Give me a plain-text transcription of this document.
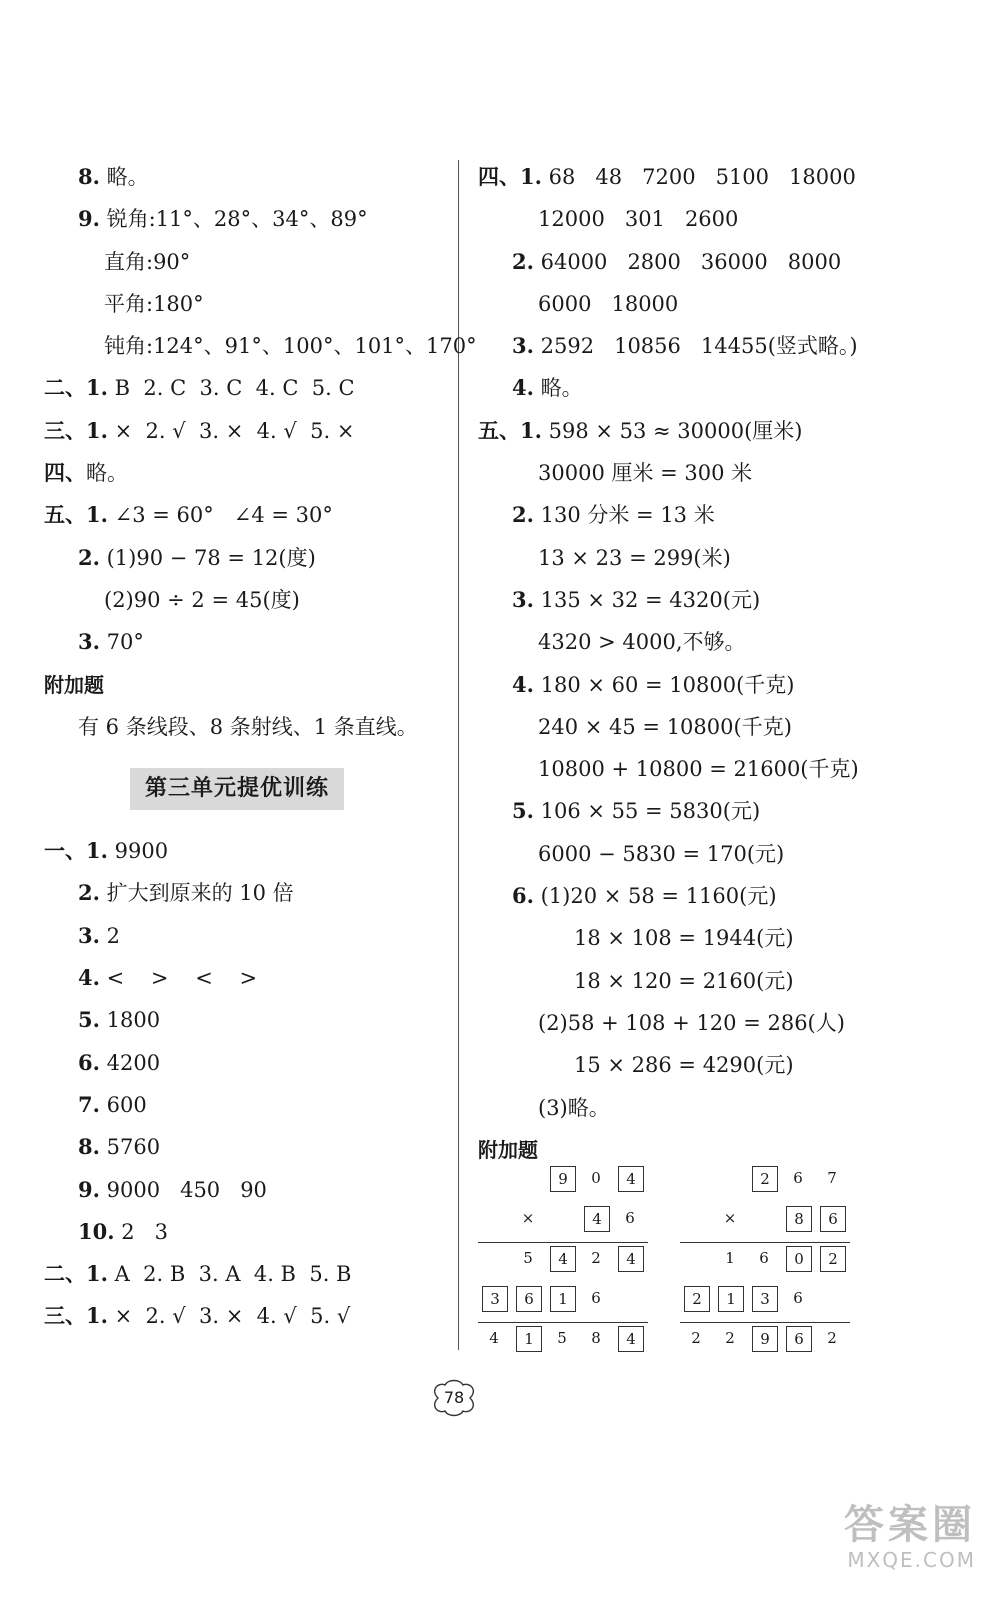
8. 略。
9. 锐角:11°、28°、34°、89°
直角:90°
平角:180°
钝角:124°、91°、100°、101°、170°
二、1. B  2. C  3. C  4. C  5. C
三、1. ×  2. √  3. ×  4. √  5. ×
四、略。
五、1. ∠3 = 60°   ∠4 = 30°
2. (1)90 − 78 = 12(度)
(2)90 ÷ 2 = 45(度)
3. 70°
附加题
有 6 条线段、8 条射线、1 条直线。
第三单元提优训练
一、1. 9900
2. 扩大到原来的 10 倍
3. 2
4. <    >    <    >
5. 1800
6. 4200
7. 600
8. 5760
9. 9000   450   90
10. 2   3
二、1. A  2. B  3. A  4. B  5. B
三、1. ×  2. √  3. ×  4. √  5. √
四、1. 68   48   7200   5100   18000
12000   301   2600
2. 64000   2800   36000   8000
6000   18000
3. 2592   10856   14455(竖式略。)
4. 略。
五、1. 598 × 53 ≈ 30000(厘米)
30000 厘米 = 300 米
2. 130 分米 = 13 米
13 × 23 = 299(米)
3. 135 × 32 = 4320(元)
4320 > 4000,不够。
4. 180 × 60 = 10800(千克)
240 × 45 = 10800(千克)
10800 + 10800 = 21600(千克)
5. 106 × 55 = 5830(元)
6000 − 5830 = 170(元)
6. (1)20 × 58 = 1160(元)
18 × 108 = 1944(元)
18 × 120 = 2160(元)
(2)58 + 108 + 120 = 286(人)
15 × 286 = 4290(元)
(3)略。
附加题
9	0	4
×	4	6
5	4	2	4
3	6	1	6
4	1	5	8	4
2	6	7
×	8	6
1	6	0	2
2	1	3	6
2	2	9	6	2
78
答案圈
MXQE.COM
